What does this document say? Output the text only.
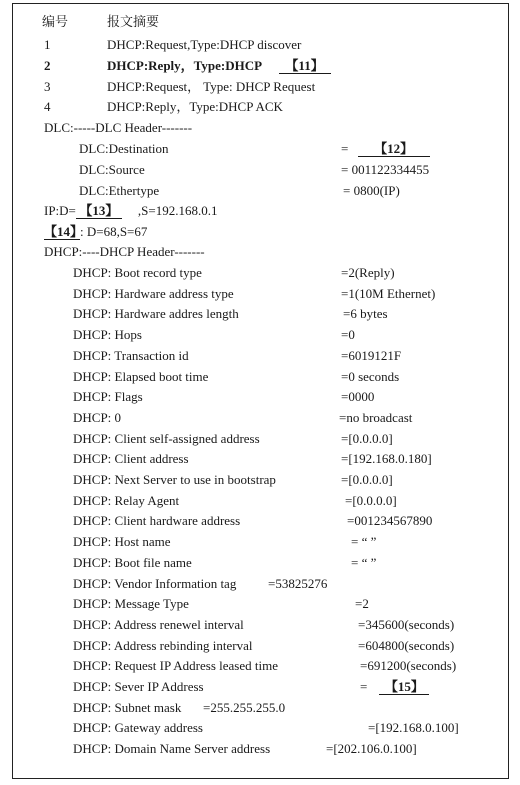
编号	报文摘要
1	DHCP:Request,Type:DHCP discover
2	DHCP:Reply，Type:DHCP 【11】
3	DHCP:Request， Type: DHCP Request
4	DHCP:Reply，Type:DHCP ACK
DLC:-----DLC Header-------
DLC:Destination	= 【12】
DLC:Source	= 001122334455
DLC:Ethertype	= 0800(IP)
IP:D= 【13】 ,S=192.168.0.1
【14】: D=68,S=67
DHCP:----DHCP Header-------
DHCP: Boot record type	=2(Reply)
DHCP: Hardware address type	=1(10M Ethernet)
DHCP: Hardware addres length	=6 bytes
DHCP: Hops	=0
DHCP: Transaction id	=6019121F
DHCP: Elapsed boot time	=0 seconds
DHCP: Flags	=0000
DHCP: 0	=no broadcast
DHCP: Client self-assigned address	=[0.0.0.0]
DHCP: Client address	=[192.168.0.180]
DHCP: Next Server to use in bootstrap	=[0.0.0.0]
DHCP: Relay Agent	=[0.0.0.0]
DHCP: Client hardware address	=001234567890
DHCP: Host name	= “ ”
DHCP: Boot file name	= “ ”
DHCP: Vendor Information tag =53825276
DHCP: Message Type	=2
DHCP: Address renewel interval	=345600(seconds)
DHCP: Address rebinding interval	=604800(seconds)
DHCP: Request IP Address leased time	=691200(seconds)
DHCP: Sever IP Address	= 【15】
DHCP: Subnet mask =255.255.255.0
DHCP: Gateway address	=[192.168.0.100]
DHCP: Domain Name Server address	=[202.106.0.100]
